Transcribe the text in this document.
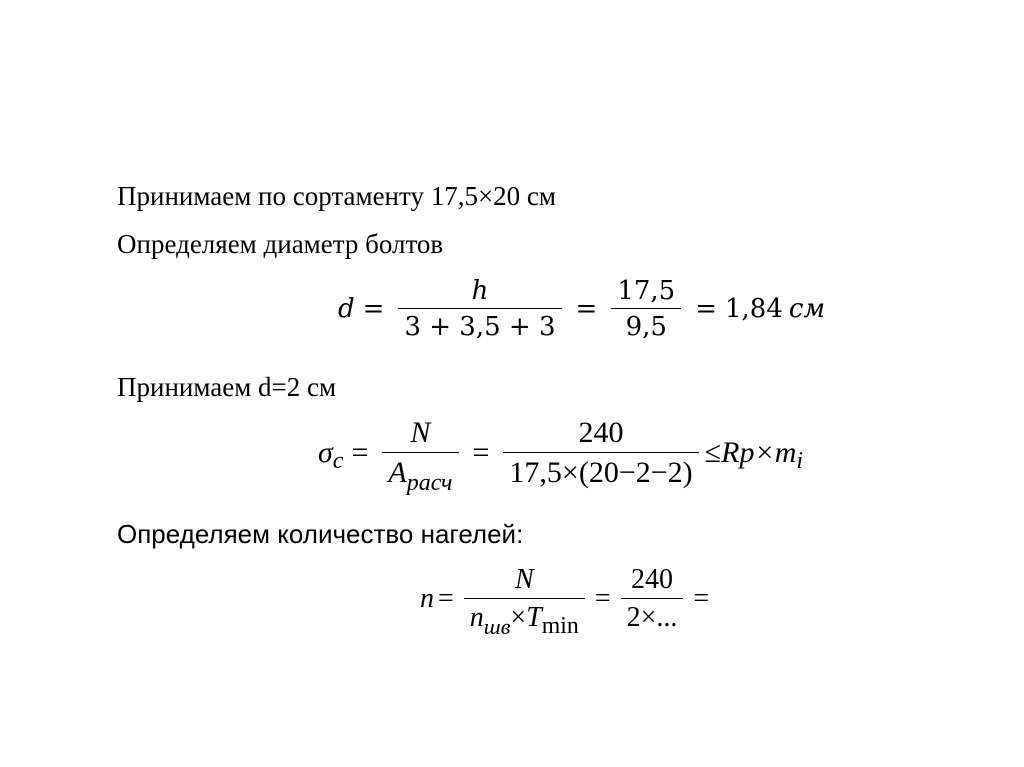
Принимаем по сортаменту 17,5×20 см
Определяем диаметр болтов
$d = \frac{h}{3 + 3,5 + 3} = \frac{17,5}{9,5} = 1,84$ см
Принимаем d=2 см
σ $c = \frac{N}{A_{расч}} = \frac{240}{17,5\times(20-2-2)} \le Rp\times m$ i
Определяем количество нагелей:
$n = \frac{N}{n_{шв}\times T_{min}} = \frac{240}{2\times...}$ =
